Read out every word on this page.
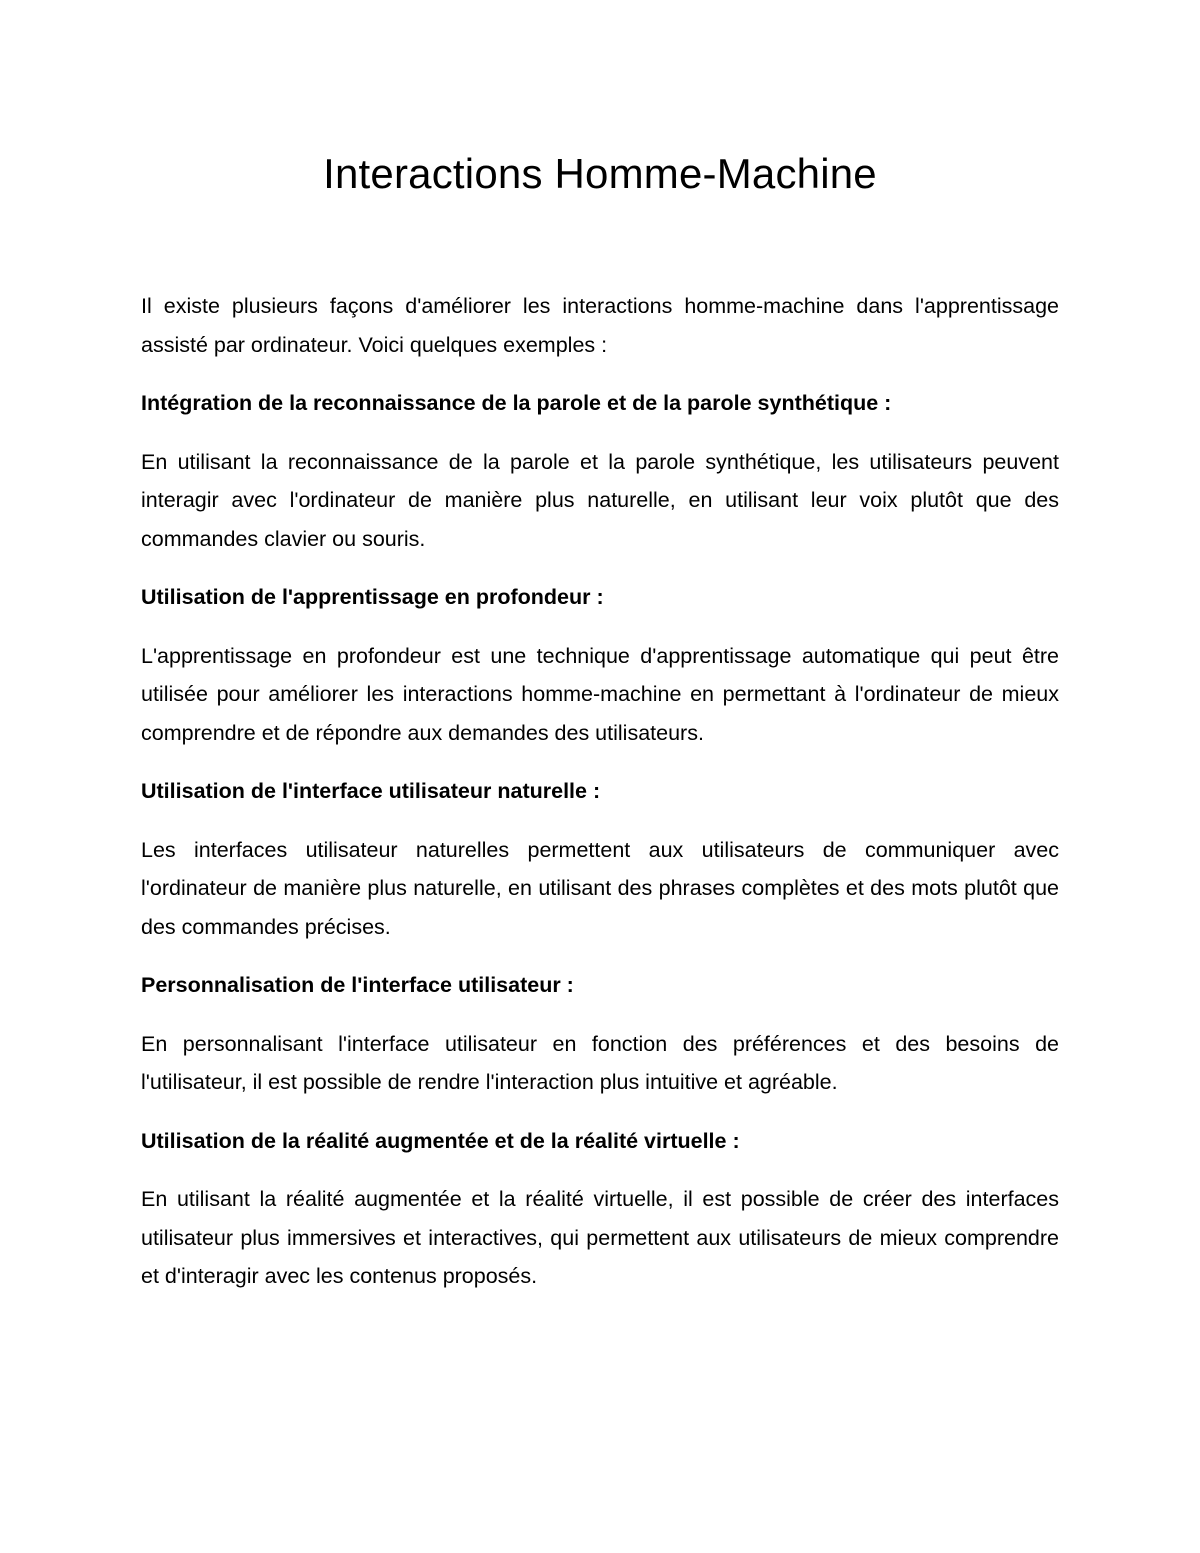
Interactions Homme-Machine

Il existe plusieurs façons d'améliorer les interactions homme-machine dans l'apprentissage assisté par ordinateur. Voici quelques exemples :

Intégration de la reconnaissance de la parole et de la parole synthétique :

En utilisant la reconnaissance de la parole et la parole synthétique, les utilisateurs peuvent interagir avec l'ordinateur de manière plus naturelle, en utilisant leur voix plutôt que des commandes clavier ou souris.

Utilisation de l'apprentissage en profondeur :

L'apprentissage en profondeur est une technique d'apprentissage automatique qui peut être utilisée pour améliorer les interactions homme-machine en permettant à l'ordinateur de mieux comprendre et de répondre aux demandes des utilisateurs.

Utilisation de l'interface utilisateur naturelle :

Les interfaces utilisateur naturelles permettent aux utilisateurs de communiquer avec l'ordinateur de manière plus naturelle, en utilisant des phrases complètes et des mots plutôt que des commandes précises.

Personnalisation de l'interface utilisateur :

En personnalisant l'interface utilisateur en fonction des préférences et des besoins de l'utilisateur, il est possible de rendre l'interaction plus intuitive et agréable.

Utilisation de la réalité augmentée et de la réalité virtuelle :

En utilisant la réalité augmentée et la réalité virtuelle, il est possible de créer des interfaces utilisateur plus immersives et interactives, qui permettent aux utilisateurs de mieux comprendre et d'interagir avec les contenus proposés.
